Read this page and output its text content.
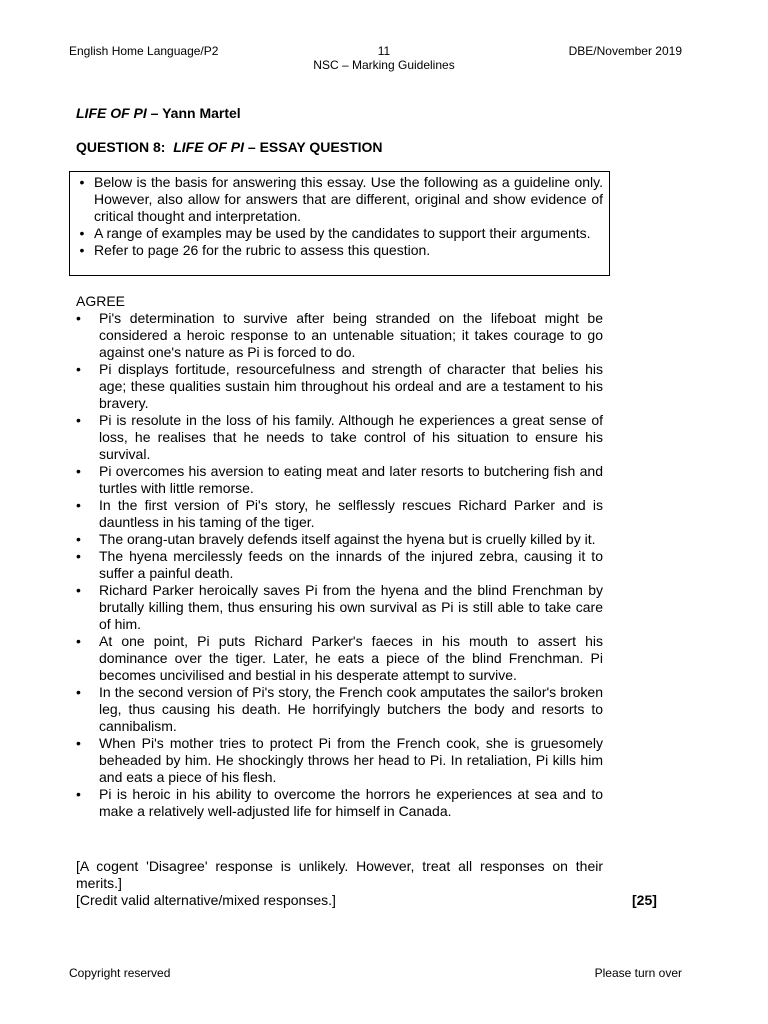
English Home Language/P2	11	DBE/November 2019
NSC – Marking Guidelines
LIFE OF PI – Yann Martel
QUESTION 8:  LIFE OF PI – ESSAY QUESTION
• Below is the basis for answering this essay. Use the following as a guideline only. However, also allow for answers that are different, original and show evidence of critical thought and interpretation.
• A range of examples may be used by the candidates to support their arguments.
• Refer to page 26 for the rubric to assess this question.
AGREE
•	Pi's determination to survive after being stranded on the lifeboat might be considered a heroic response to an untenable situation; it takes courage to go against one's nature as Pi is forced to do.
•	Pi displays fortitude, resourcefulness and strength of character that belies his age; these qualities sustain him throughout his ordeal and are a testament to his bravery.
•	Pi is resolute in the loss of his family. Although he experiences a great sense of loss, he realises that he needs to take control of his situation to ensure his survival.
•	Pi overcomes his aversion to eating meat and later resorts to butchering fish and turtles with little remorse.
•	In the first version of Pi's story, he selflessly rescues Richard Parker and is dauntless in his taming of the tiger.
•	The orang-utan bravely defends itself against the hyena but is cruelly killed by it.
•	The hyena mercilessly feeds on the innards of the injured zebra, causing it to suffer a painful death.
•	Richard Parker heroically saves Pi from the hyena and the blind Frenchman by brutally killing them, thus ensuring his own survival as Pi is still able to take care of him.
•	At one point, Pi puts Richard Parker's faeces in his mouth to assert his dominance over the tiger. Later, he eats a piece of the blind Frenchman. Pi becomes uncivilised and bestial in his desperate attempt to survive.
•	In the second version of Pi's story, the French cook amputates the sailor's broken leg, thus causing his death. He horrifyingly butchers the body and resorts to cannibalism.
•	When Pi's mother tries to protect Pi from the French cook, she is gruesomely beheaded by him. He shockingly throws her head to Pi. In retaliation, Pi kills him and eats a piece of his flesh.
•	Pi is heroic in his ability to overcome the horrors he experiences at sea and to make a relatively well-adjusted life for himself in Canada.
[A cogent 'Disagree' response is unlikely. However, treat all responses on their merits.]
[Credit valid alternative/mixed responses.]	[25]
Copyright reserved	Please turn over
